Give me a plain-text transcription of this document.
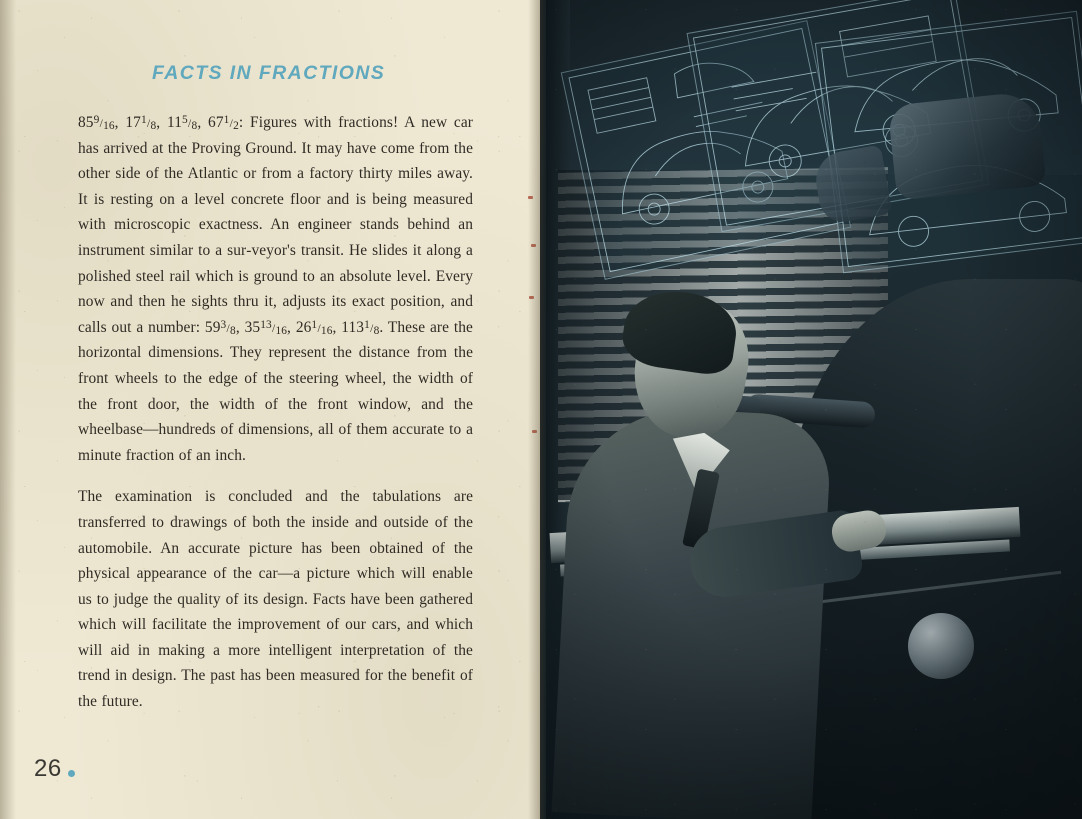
FACTS IN FRACTIONS

859/16, 171/8, 115/8, 671/2: Figures with fractions! A new car has arrived at the Proving Ground. It may have come from the other side of the Atlantic or from a factory thirty miles away. It is resting on a level concrete floor and is being measured with microscopic exactness. An engineer stands behind an instrument similar to a sur‑veyor's transit. He slides it along a polished steel rail which is ground to an absolute level. Every now and then he sights thru it, adjusts its exact position, and calls out a number: 593/8, 3513/16, 261/16, 1131/8. These are the horizontal dimensions. They represent the distance from the front wheels to the edge of the steering wheel, the width of the front door, the width of the front window, and the wheelbase—hundreds of dimensions, all of them accurate to a minute fraction of an inch.

The examination is concluded and the tabulations are transferred to drawings of both the inside and outside of the automobile. An accurate picture has been obtained of the physical appearance of the car—a picture which will enable us to judge the quality of its design. Facts have been gathered which will facilitate the improvement of our cars, and which will aid in making a more intelligent interpretation of the trend in design. The past has been measured for the benefit of the future.

26
